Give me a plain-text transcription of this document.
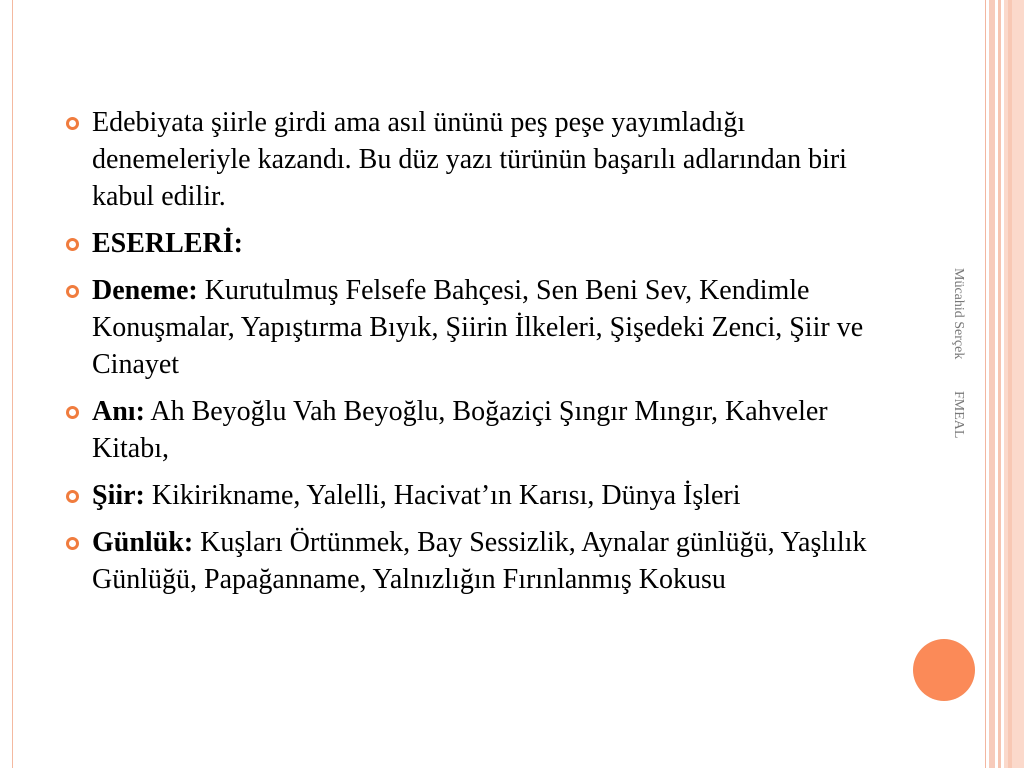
Mücahid Serçek FMEAL
Edebiyata şiirle girdi ama asıl ününü peş peşe yayımladığı denemeleriyle kazandı. Bu düz yazı türünün başarılı adlarından biri kabul edilir.
ESERLERİ:
Deneme: Kurutulmuş Felsefe Bahçesi, Sen Beni Sev, Kendimle Konuşmalar, Yapıştırma Bıyık, Şiirin İlkeleri, Şişedeki Zenci, Şiir ve Cinayet
Anı: Ah Beyoğlu Vah Beyoğlu, Boğaziçi Şıngır Mıngır, Kahveler Kitabı,
Şiir: Kikirikname, Yalelli, Hacivat’ın Karısı, Dünya İşleri
Günlük: Kuşları Örtünmek, Bay Sessizlik, Aynalar günlüğü, Yaşlılık Günlüğü, Papağanname, Yalnızlığın Fırınlanmış Kokusu
